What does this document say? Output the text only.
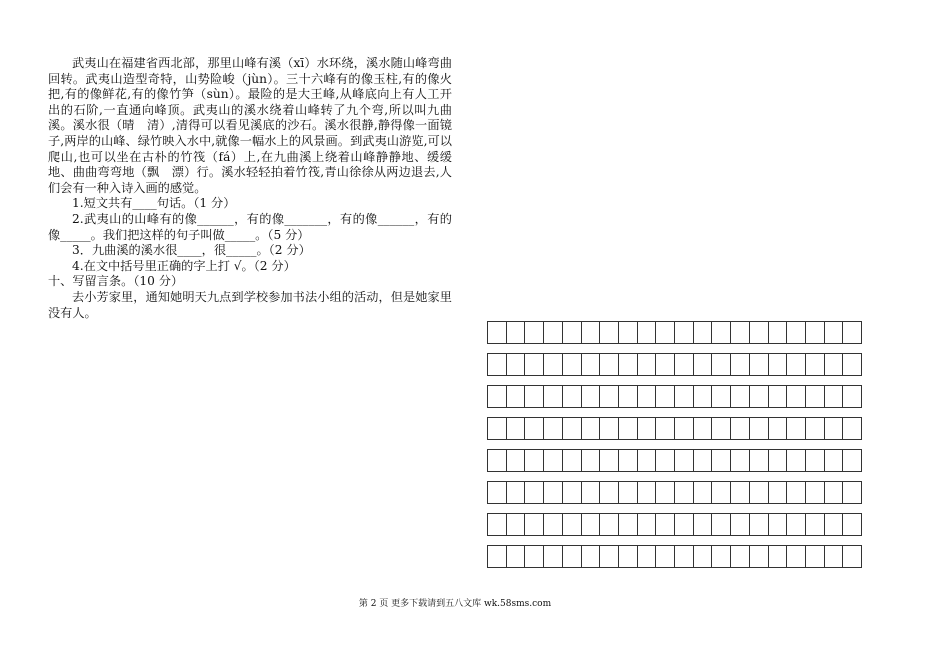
武夷山在福建省西北部，那里山峰有溪（xī）水环绕，溪水随山峰弯曲回转。武夷山造型奇特，山势险峻（jùn）。三十六峰有的像玉柱,有的像火把,有的像鲜花,有的像竹笋（sùn）。最险的是大王峰,从峰底向上有人工开出的石阶,一直通向峰顶。武夷山的溪水绕着山峰转了九个弯,所以叫九曲溪。溪水很（晴　清）,清得可以看见溪底的沙石。溪水很静,静得像一面镜子,两岸的山峰、绿竹映入水中,就像一幅水上的风景画。到武夷山游览,可以爬山,也可以坐在古朴的竹筏（fá）上,在九曲溪上绕着山峰静静地、缓缓地、曲曲弯弯地（飘　漂）行。溪水轻轻拍着竹筏,青山徐徐从两边退去,人们会有一种入诗入画的感觉。

1.短文共有____句话。（1 分）

2.武夷山的山峰有的像______，有的像_______，有的像______，有的像_____。我们把这样的句子叫做_____。（5 分）

3．九曲溪的溪水很____，很_____。（2 分）

4.在文中括号里正确的字上打 √。（2 分）

十、写留言条。（10 分）

去小芳家里，通知她明天九点到学校参加书法小组的活动，但是她家里没有人。

第 2 页 更多下载请到五八文库 wk.58sms.com
